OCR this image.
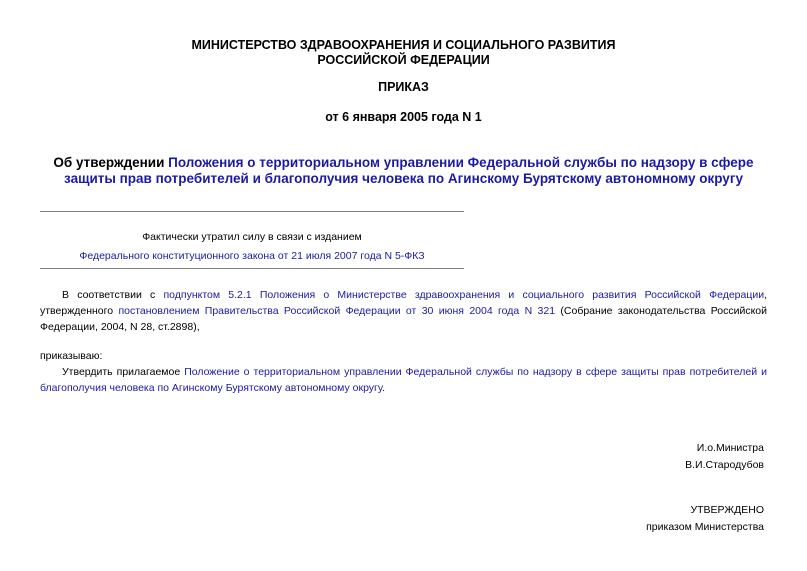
МИНИСТЕРСТВО ЗДРАВООХРАНЕНИЯ И СОЦИАЛЬНОГО РАЗВИТИЯ
РОССИЙСКОЙ ФЕДЕРАЦИИ
ПРИКАЗ
от 6 января 2005 года N 1
Об утверждении Положения о территориальном управлении Федеральной службы по надзору в сфере защиты прав потребителей и благополучия человека по Агинскому Бурятскому автономному округу
Фактически утратил силу в связи с изданием
Федерального конституционного закона от 21 июля 2007 года N 5-ФКЗ
В соответствии с подпунктом 5.2.1 Положения о Министерстве здравоохранения и социального развития Российской Федерации, утвержденного постановлением Правительства Российской Федерации от 30 июня 2004 года N 321 (Собрание законодательства Российской Федерации, 2004, N 28, ст.2898),
приказываю:
Утвердить прилагаемое Положение о территориальном управлении Федеральной службы по надзору в сфере защиты прав потребителей и благополучия человека по Агинскому Бурятскому автономному округу.
И.о.Министра
В.И.Стародубов
УТВЕРЖДЕНО
приказом Министерства
